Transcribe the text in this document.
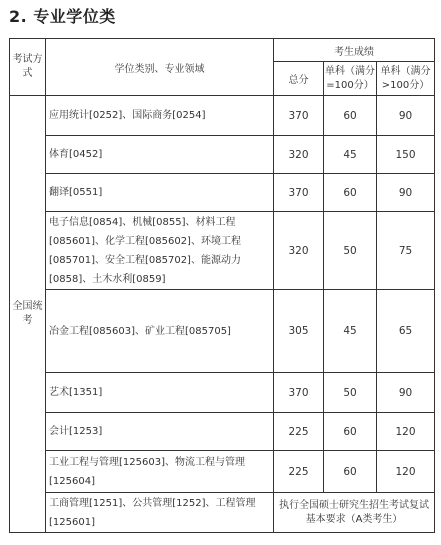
2. 专业学位类
考试方式	学位类别、专业领域	考生成绩		
		总分	单科（满分=100分）	单科（满分>100分）
全国统考	应用统计[0252]、国际商务[0254]	370	60	90
	体育[0452]	320	45	150
	翻译[0551]	370	60	90
	电子信息[0854]、机械[0855]、材料工程[085601]、化学工程[085602]、环境工程[085701]、安全工程[085702]、能源动力[0858]、土木水利[0859]	320	50	75
	冶金工程[085603]、矿业工程[085705]	305	45	65
	艺术[1351]	370	50	90
	会计[1253]	225	60	120
	工业工程与管理[125603]、物流工程与管理[125604]	225	60	120
	工商管理[1251]、公共管理[1252]、工程管理[125601]	执行全国硕士研究生招生考试复试基本要求（A类考生）		
